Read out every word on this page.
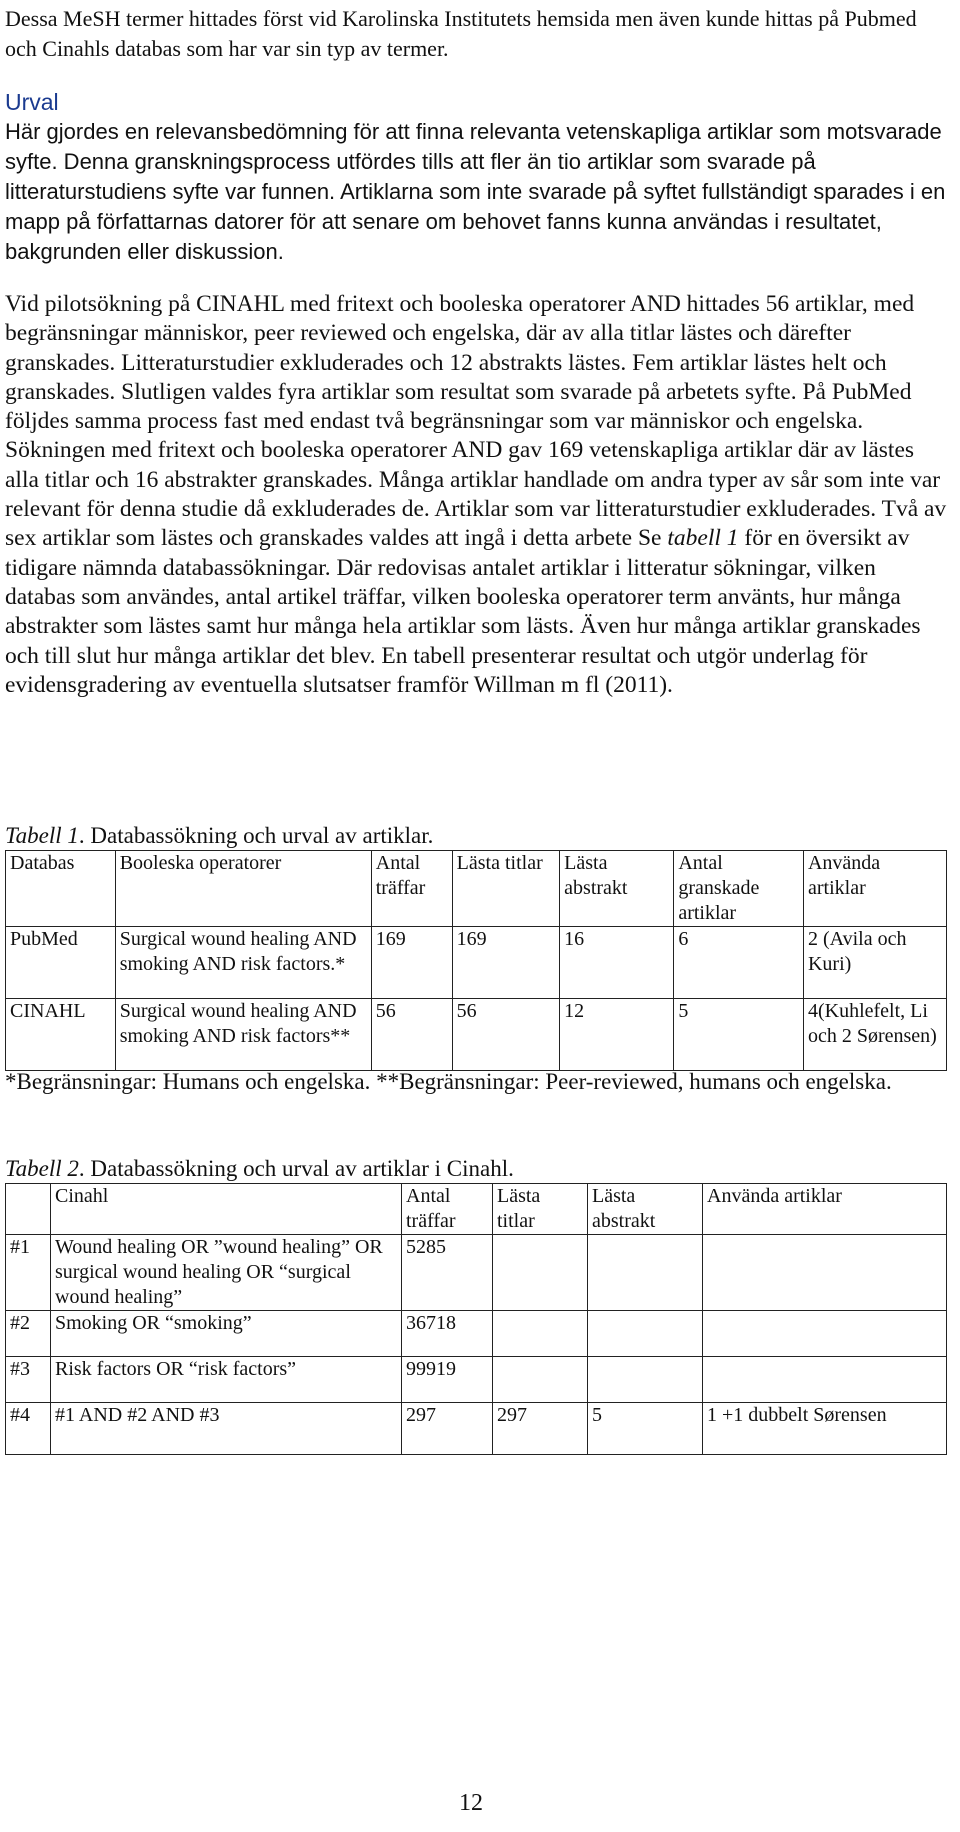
Dessa MeSH termer hittades först vid Karolinska Institutets hemsida men även kunde hittas på Pubmed och Cinahls databas som har var sin typ av termer.

Urval

Här gjordes en relevansbedömning för att finna relevanta vetenskapliga artiklar som motsvarade syfte. Denna granskningsprocess utfördes tills att fler än tio artiklar som svarade på litteraturstudiens syfte var funnen. Artiklarna som inte svarade på syftet fullständigt sparades i en mapp på författarnas datorer för att senare om behovet fanns kunna användas i resultatet, bakgrunden eller diskussion.

Vid pilotsökning på CINAHL med fritext och booleska operatorer AND hittades 56 artiklar, med begränsningar människor, peer reviewed och engelska, där av alla titlar lästes och därefter granskades. Litteraturstudier exkluderades och 12 abstrakts lästes. Fem artiklar lästes helt och granskades. Slutligen valdes fyra artiklar som resultat som svarade på arbetets syfte. På PubMed följdes samma process fast med endast två begränsningar som var människor och engelska. Sökningen med fritext och booleska operatorer AND gav 169 vetenskapliga artiklar där av lästes alla titlar och 16 abstrakter granskades. Många artiklar handlade om andra typer av sår som inte var relevant för denna studie då exkluderades de. Artiklar som var litteraturstudier exkluderades. Två av sex artiklar som lästes och granskades valdes att ingå i detta arbete Se tabell 1 för en översikt av tidigare nämnda databassökningar. Där redovisas antalet artiklar i litteratur sökningar, vilken databas som användes, antal artikel träffar, vilken booleska operatorer term använts, hur många abstrakter som lästes samt hur många hela artiklar som lästs. Även hur många artiklar granskades och till slut hur många artiklar det blev. En tabell presenterar resultat och utgör underlag för evidensgradering av eventuella slutsatser framför Willman m fl (2011).

Tabell 1. Databassökning och urval av artiklar.
Databas	Booleska operatorer	Antal träffar	Lästa titlar	Lästa abstrakt	Antal granskade artiklar	Använda artiklar
PubMed	Surgical wound healing AND smoking AND risk factors.*	169	169	16	6	2 (Avila och Kuri)
CINAHL	Surgical wound healing AND smoking AND risk factors**	56	56	12	5	4(Kuhlefelt, Li och 2 Sørensen)

*Begränsningar: Humans och engelska. **Begränsningar: Peer-reviewed, humans och engelska.

Tabell 2. Databassökning och urval av artiklar i Cinahl.
	Cinahl	Antal träffar	Lästa titlar	Lästa abstrakt	Använda artiklar
#1	Wound healing OR ”wound healing” OR surgical wound healing OR “surgical wound healing”	5285			
#2	Smoking OR “smoking”	36718			
#3	Risk factors OR “risk factors”	99919			
#4	#1 AND #2 AND #3	297	297	5	1 +1 dubbelt Sørensen
12
